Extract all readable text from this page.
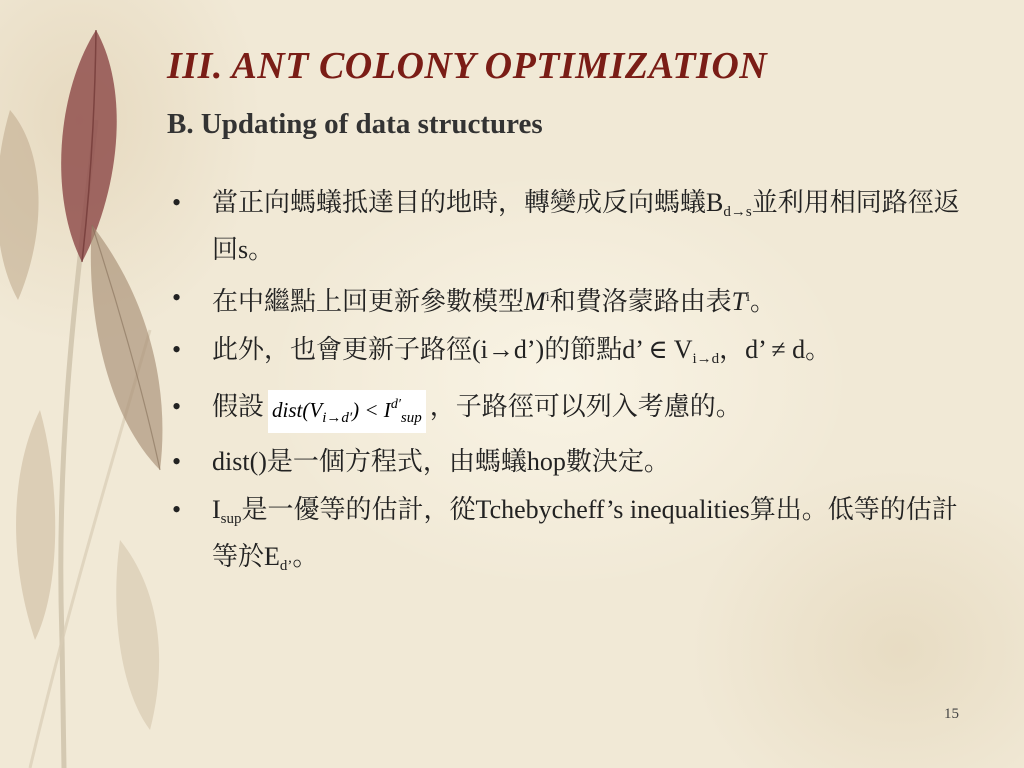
III. ANT COLONY OPTIMIZATION
B. Updating of data structures
• 當正向螞蟻抵達目的地時，轉變成反向螞蟻$B_{d\to s}$並利用相同路徑返回s。
• 在中繼點上回更新參數模型$M^i$和費洛蒙路由表$T^i$。
• 此外，也會更新子路徑(i→d’)的節點d’ ∈ $V_{i\to d}$，d’ ≠ d。
• 假設 $dist(V_{i\to d'}) < I^{d'}_{sup}$ ，子路徑可以列入考慮的。
• dist()是一個方程式，由螞蟻hop數決定。
• $I_{sup}$是一優等的估計，從Tchebycheff’s inequalities算出。低等的估計等於$E_{d’}$。
15
